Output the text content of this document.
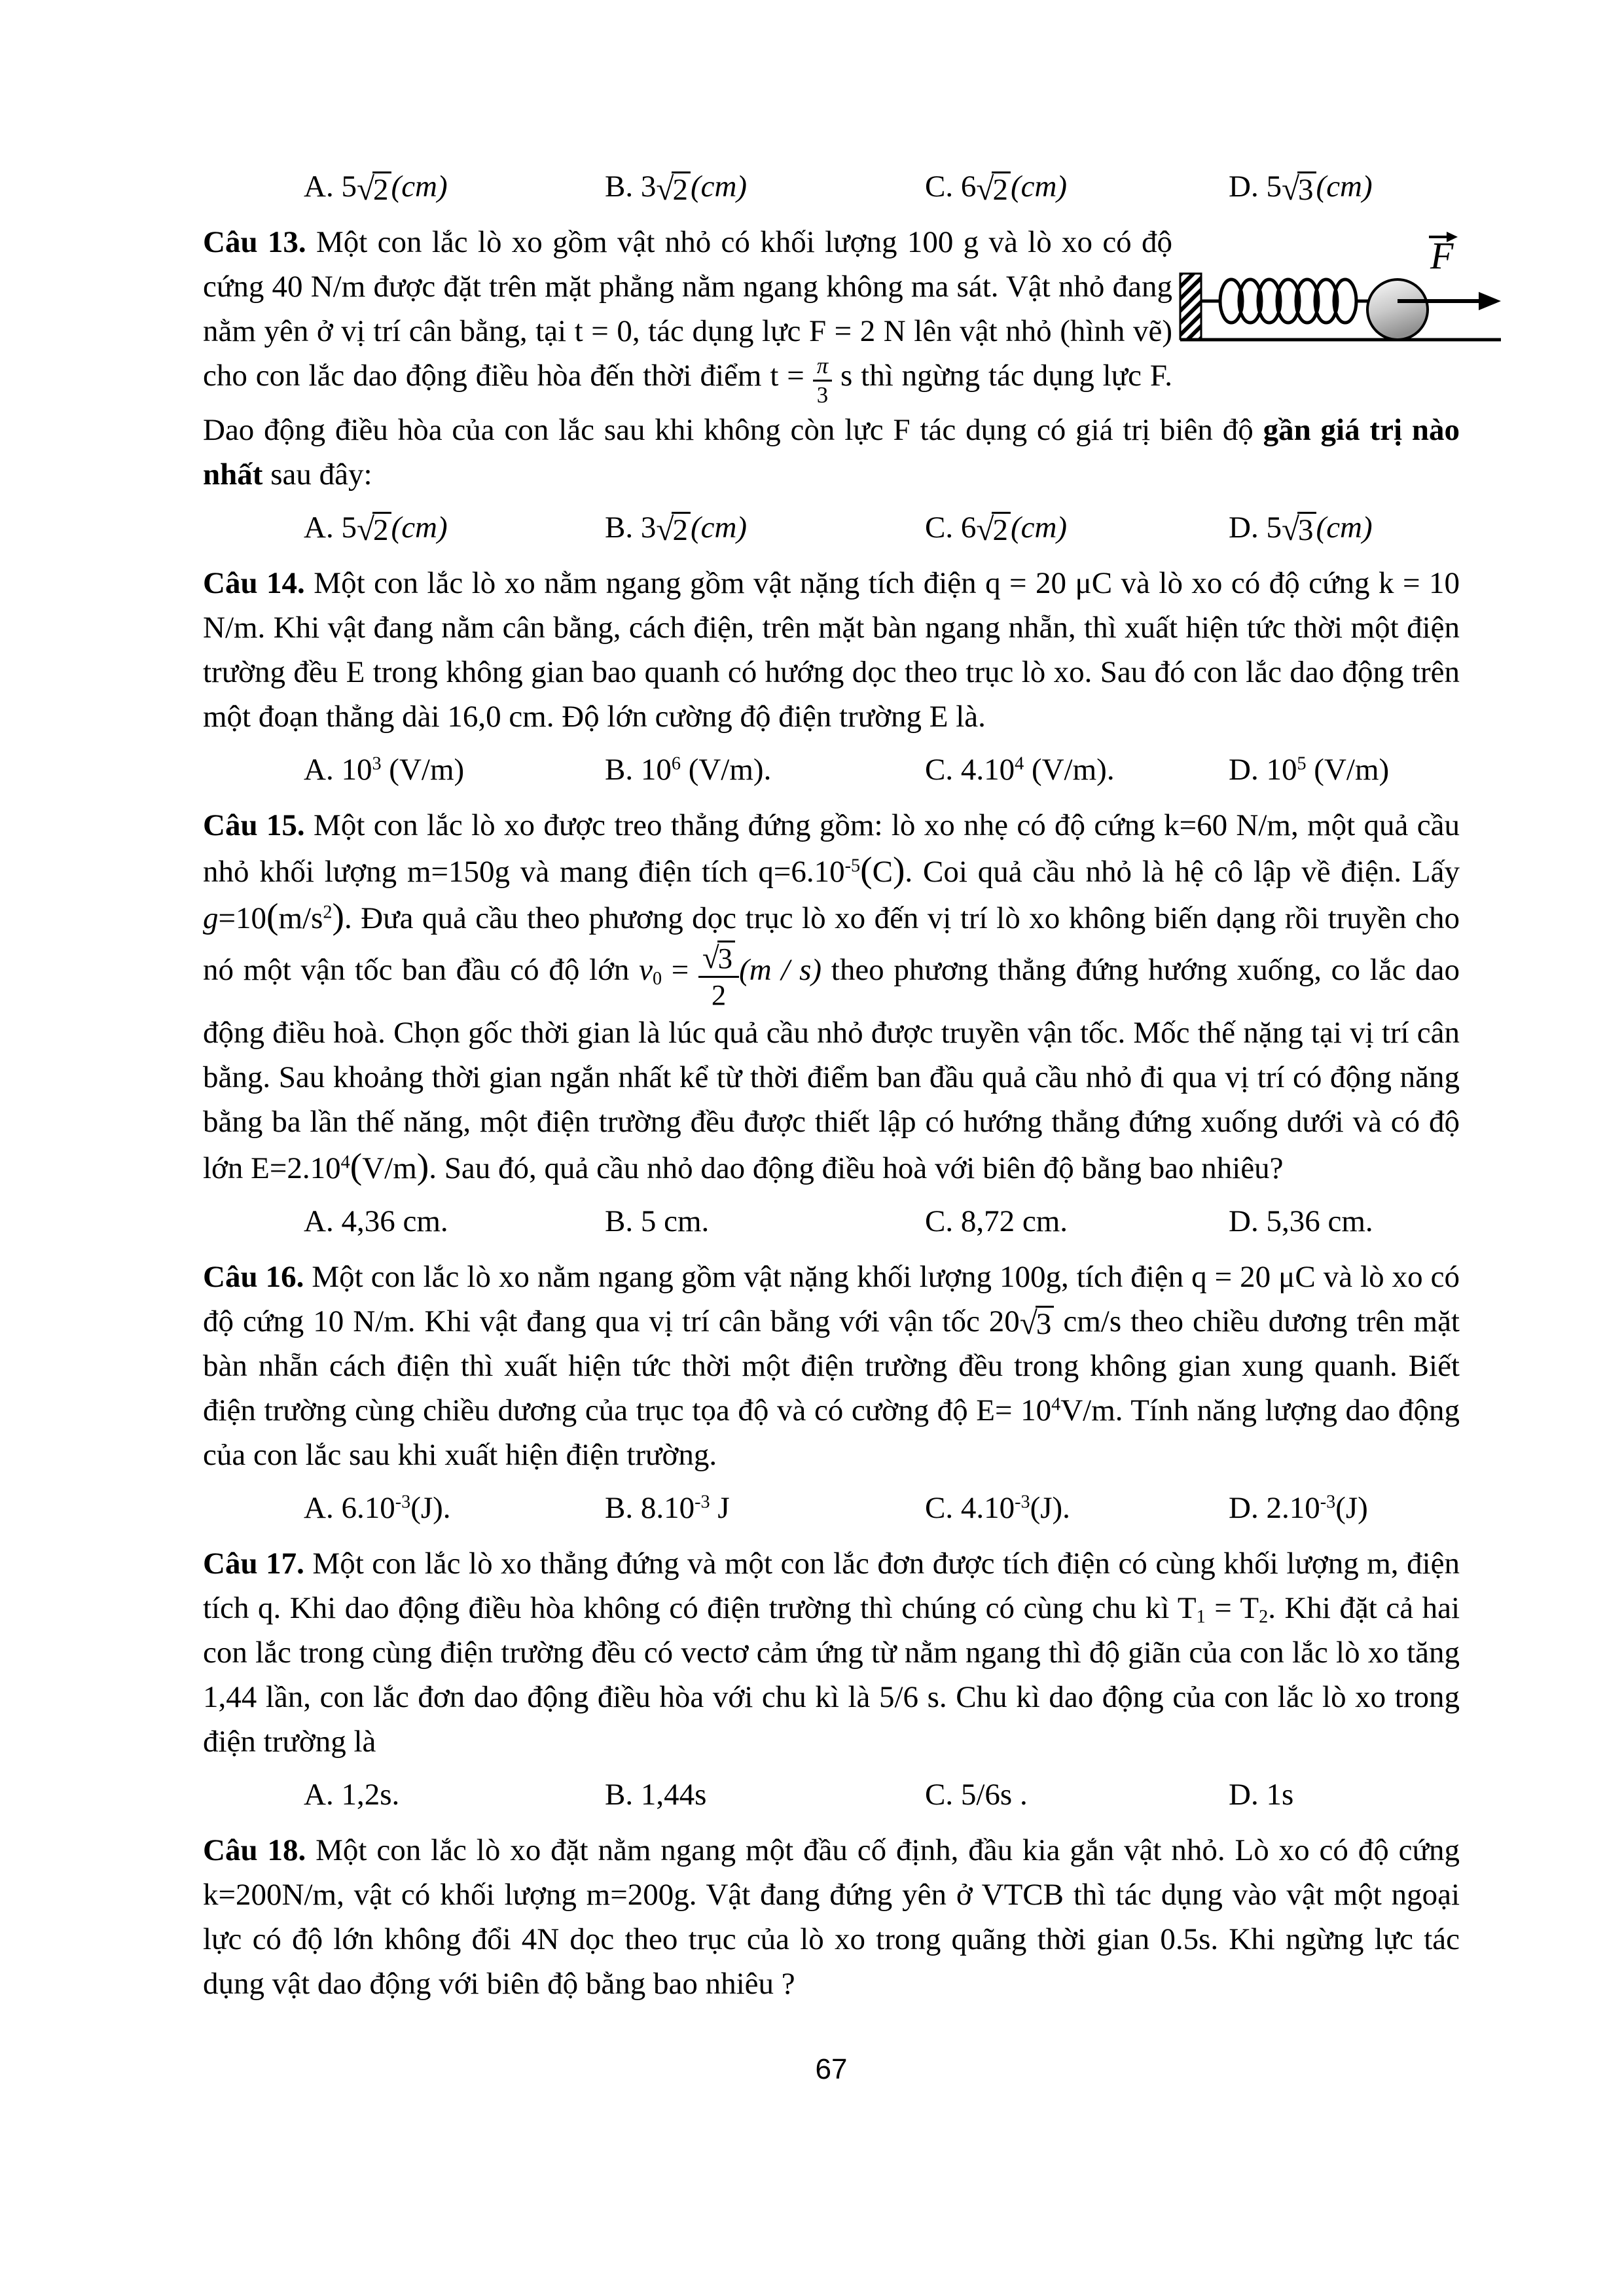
A. 5√2(cm)	B. 3√2(cm)	C. 6√2(cm)	D. 5√3(cm)

F
Câu 13. Một con lắc lò xo gồm vật nhỏ có khối lượng 100 g và lò xo có độ cứng 40 N/m được đặt trên mặt phẳng nằm ngang không ma sát. Vật nhỏ đang nằm yên ở vị trí cân bằng, tại t = 0, tác dụng lực F = 2 N lên vật nhỏ (hình vẽ) cho con lắc dao động điều hòa đến thời điểm $t = \frac{\pi}{3}$ s thì ngừng tác dụng lực F. Dao động điều hòa của con lắc sau khi không còn lực F tác dụng có giá trị biên độ gần giá trị nào nhất sau đây:

A. 5√2(cm)	B. 3√2(cm)	C. 6√2(cm)	D. 5√3(cm)

Câu 14. Một con lắc lò xo nằm ngang gồm vật nặng tích điện q = 20 μC và lò xo có độ cứng k = 10 N/m. Khi vật đang nằm cân bằng, cách điện, trên mặt bàn ngang nhẵn, thì xuất hiện tức thời một điện trường đều E trong không gian bao quanh có hướng dọc theo trục lò xo. Sau đó con lắc dao động trên một đoạn thẳng dài 16,0 cm. Độ lớn cường độ điện trường E là.

A. $10^3$ (V/m)	B. $10^6$ (V/m).	C. 4.10$^4$ (V/m).	D. $10^5$ (V/m)

Câu 15. Một con lắc lò xo được treo thẳng đứng gồm: lò xo nhẹ có độ cứng k=60 N/m, một quả cầu nhỏ khối lượng m=150g và mang điện tích $q=6.10^{-5}(C)$. Coi quả cầu nhỏ là hệ cô lập về điện. Lấy $g=10(m/s^2)$. Đưa quả cầu theo phương dọc trục lò xo đến vị trí lò xo không biến dạng rồi truyền cho nó một vận tốc ban đầu có độ lớn $v_0 = \frac{√3}{2} (m / s)$ theo phương thẳng đứng hướng xuống, co lắc dao động điều hoà. Chọn gốc thời gian là lúc quả cầu nhỏ được truyền vận tốc. Mốc thế nặng tại vị trí cân bằng. Sau khoảng thời gian ngắn nhất kể từ thời điểm ban đầu quả cầu nhỏ đi qua vị trí có động năng bằng ba lần thế năng, một điện trường đều được thiết lập có hướng thẳng đứng xuống dưới và có độ lớn $E=2.10^4(V/m)$. Sau đó, quả cầu nhỏ dao động điều hoà với biên độ bằng bao nhiêu?

A. 4,36 cm.	B. 5 cm.	C. 8,72 cm.	D. 5,36 cm.

Câu 16. Một con lắc lò xo nằm ngang gồm vật nặng khối lượng 100g, tích điện q = 20 μC và lò xo có độ cứng 10 N/m. Khi vật đang qua vị trí cân bằng với vận tốc 20√3 cm/s theo chiều dương trên mặt bàn nhẵn cách điện thì xuất hiện tức thời một điện trường đều trong không gian xung quanh. Biết điện trường cùng chiều dương của trục tọa độ và có cường độ $E= 10^4V/m$. Tính năng lượng dao động của con lắc sau khi xuất hiện điện trường.

A. $6.10^{-3}(J)$.	B. $8.10^{-3}$ J	C. $4.10^{-3}(J)$.	D. $2.10^{-3}(J)$

Câu 17. Một con lắc lò xo thẳng đứng và một con lắc đơn được tích điện có cùng khối lượng m, điện tích q. Khi dao động điều hòa không có điện trường thì chúng có cùng chu kì $T_1 = T_2$. Khi đặt cả hai con lắc trong cùng điện trường đều có vectơ cảm ứng từ nằm ngang thì độ giãn của con lắc lò xo tăng 1,44 lần, con lắc đơn dao động điều hòa với chu kì là 5/6 s. Chu kì dao động của con lắc lò xo trong điện trường là

A. 1,2s.	B. 1,44s	C. 5/6s .	D. 1s

Câu 18. Một con lắc lò xo đặt nằm ngang một đầu cố định, đầu kia gắn vật nhỏ. Lò xo có độ cứng k=200N/m, vật có khối lượng m=200g. Vật đang đứng yên ở VTCB thì tác dụng vào vật một ngoại lực có độ lớn không đổi 4N dọc theo trục của lò xo trong quãng thời gian 0.5s. Khi ngừng lực tác dụng vật dao động với biên độ bằng bao nhiêu ?

67
